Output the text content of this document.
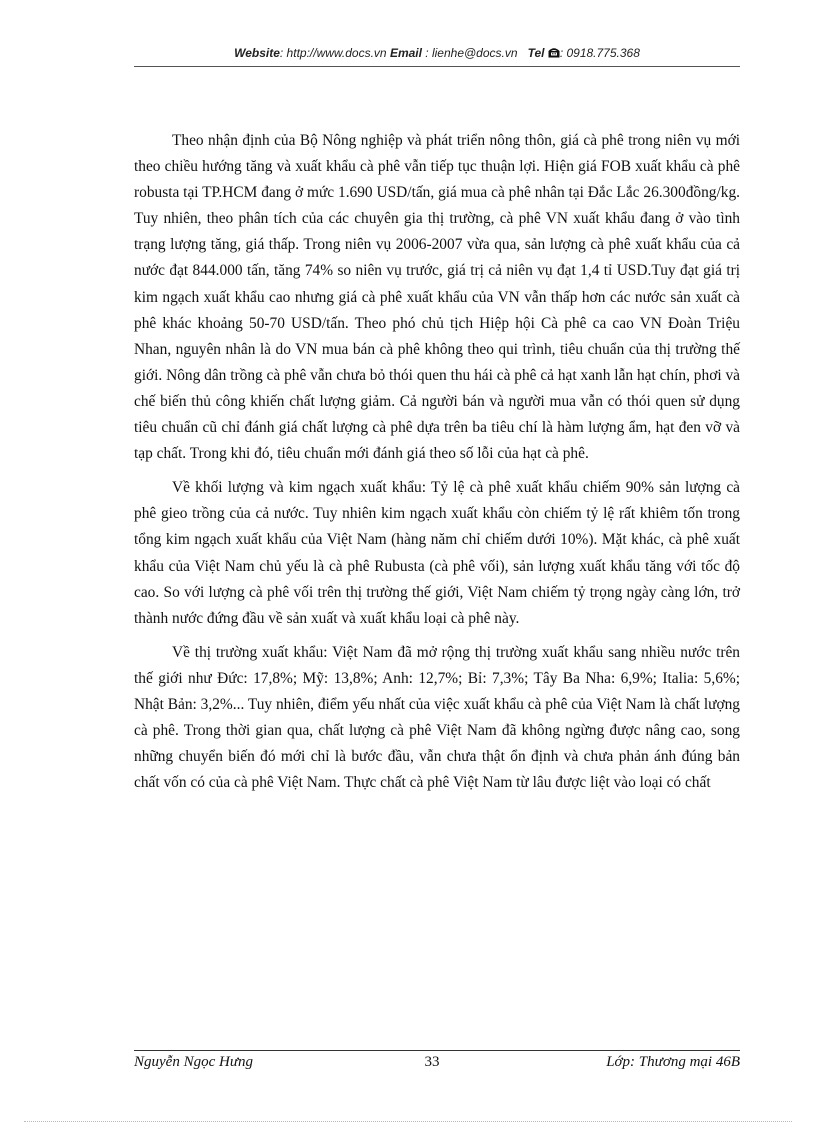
Website: http://www.docs.vn Email : lienhe@docs.vn Tel : 0918.775.368

Theo nhận định của Bộ Nông nghiệp và phát triển nông thôn, giá cà phê trong niên vụ mới theo chiều hướng tăng và xuất khẩu cà phê vẫn tiếp tục thuận lợi. Hiện giá FOB xuất khẩu cà phê robusta tại TP.HCM đang ở mức 1.690 USD/tấn, giá mua cà phê nhân tại Đắc Lắc 26.300đồng/kg. Tuy nhiên, theo phân tích của các chuyên gia thị trường, cà phê VN xuất khẩu đang ở vào tình trạng lượng tăng, giá thấp. Trong niên vụ 2006-2007 vừa qua, sản lượng cà phê xuất khẩu của cả nước đạt 844.000 tấn, tăng 74% so niên vụ trước, giá trị cả niên vụ đạt 1,4 tỉ USD.Tuy đạt giá trị kim ngạch xuất khẩu cao nhưng giá cà phê xuất khẩu của VN vẫn thấp hơn các nước sản xuất cà phê khác khoảng 50-70 USD/tấn. Theo phó chủ tịch Hiệp hội Cà phê ca cao VN Đoàn Triệu Nhan, nguyên nhân là do VN mua bán cà phê không theo qui trình, tiêu chuẩn của thị trường thế giới. Nông dân trồng cà phê vẫn chưa bỏ thói quen thu hái cà phê cả hạt xanh lẫn hạt chín, phơi và chế biến thủ công khiến chất lượng giảm. Cả người bán và người mua vẫn có thói quen sử dụng tiêu chuẩn cũ chỉ đánh giá chất lượng cà phê dựa trên ba tiêu chí là hàm lượng ẩm, hạt đen vỡ và tạp chất. Trong khi đó, tiêu chuẩn mới đánh giá theo số lỗi của hạt cà phê.

Về khối lượng và kim ngạch xuất khẩu: Tỷ lệ cà phê xuất khẩu chiếm 90% sản lượng cà phê gieo trồng của cả nước. Tuy nhiên kim ngạch xuất khẩu còn chiếm tỷ lệ rất khiêm tốn trong tổng kim ngạch xuất khẩu của Việt Nam (hàng năm chỉ chiếm dưới 10%). Mặt khác, cà phê xuất khẩu của Việt Nam chủ yếu là cà phê Rubusta (cà phê vối), sản lượng xuất khẩu tăng với tốc độ cao. So với lượng cà phê vối trên thị trường thế giới, Việt Nam chiếm tỷ trọng ngày càng lớn, trở thành nước đứng đầu về sản xuất và xuất khẩu loại cà phê này.

Về thị trường xuất khẩu: Việt Nam đã mở rộng thị trường xuất khẩu sang nhiều nước trên thế giới như Đức: 17,8%; Mỹ: 13,8%; Anh: 12,7%; Bỉ: 7,3%; Tây Ba Nha: 6,9%; Italia: 5,6%; Nhật Bản: 3,2%... Tuy nhiên, điểm yếu nhất của việc xuất khẩu cà phê của Việt Nam là chất lượng cà phê. Trong thời gian qua, chất lượng cà phê Việt Nam đã không ngừng được nâng cao, song những chuyển biến đó mới chỉ là bước đầu, vẫn chưa thật ổn định và chưa phản ánh đúng bản chất vốn có của cà phê Việt Nam. Thực chất cà phê Việt Nam từ lâu được liệt vào loại có chất

Nguyễn Ngọc Hưng	33	Lớp: Thương mại 46B
